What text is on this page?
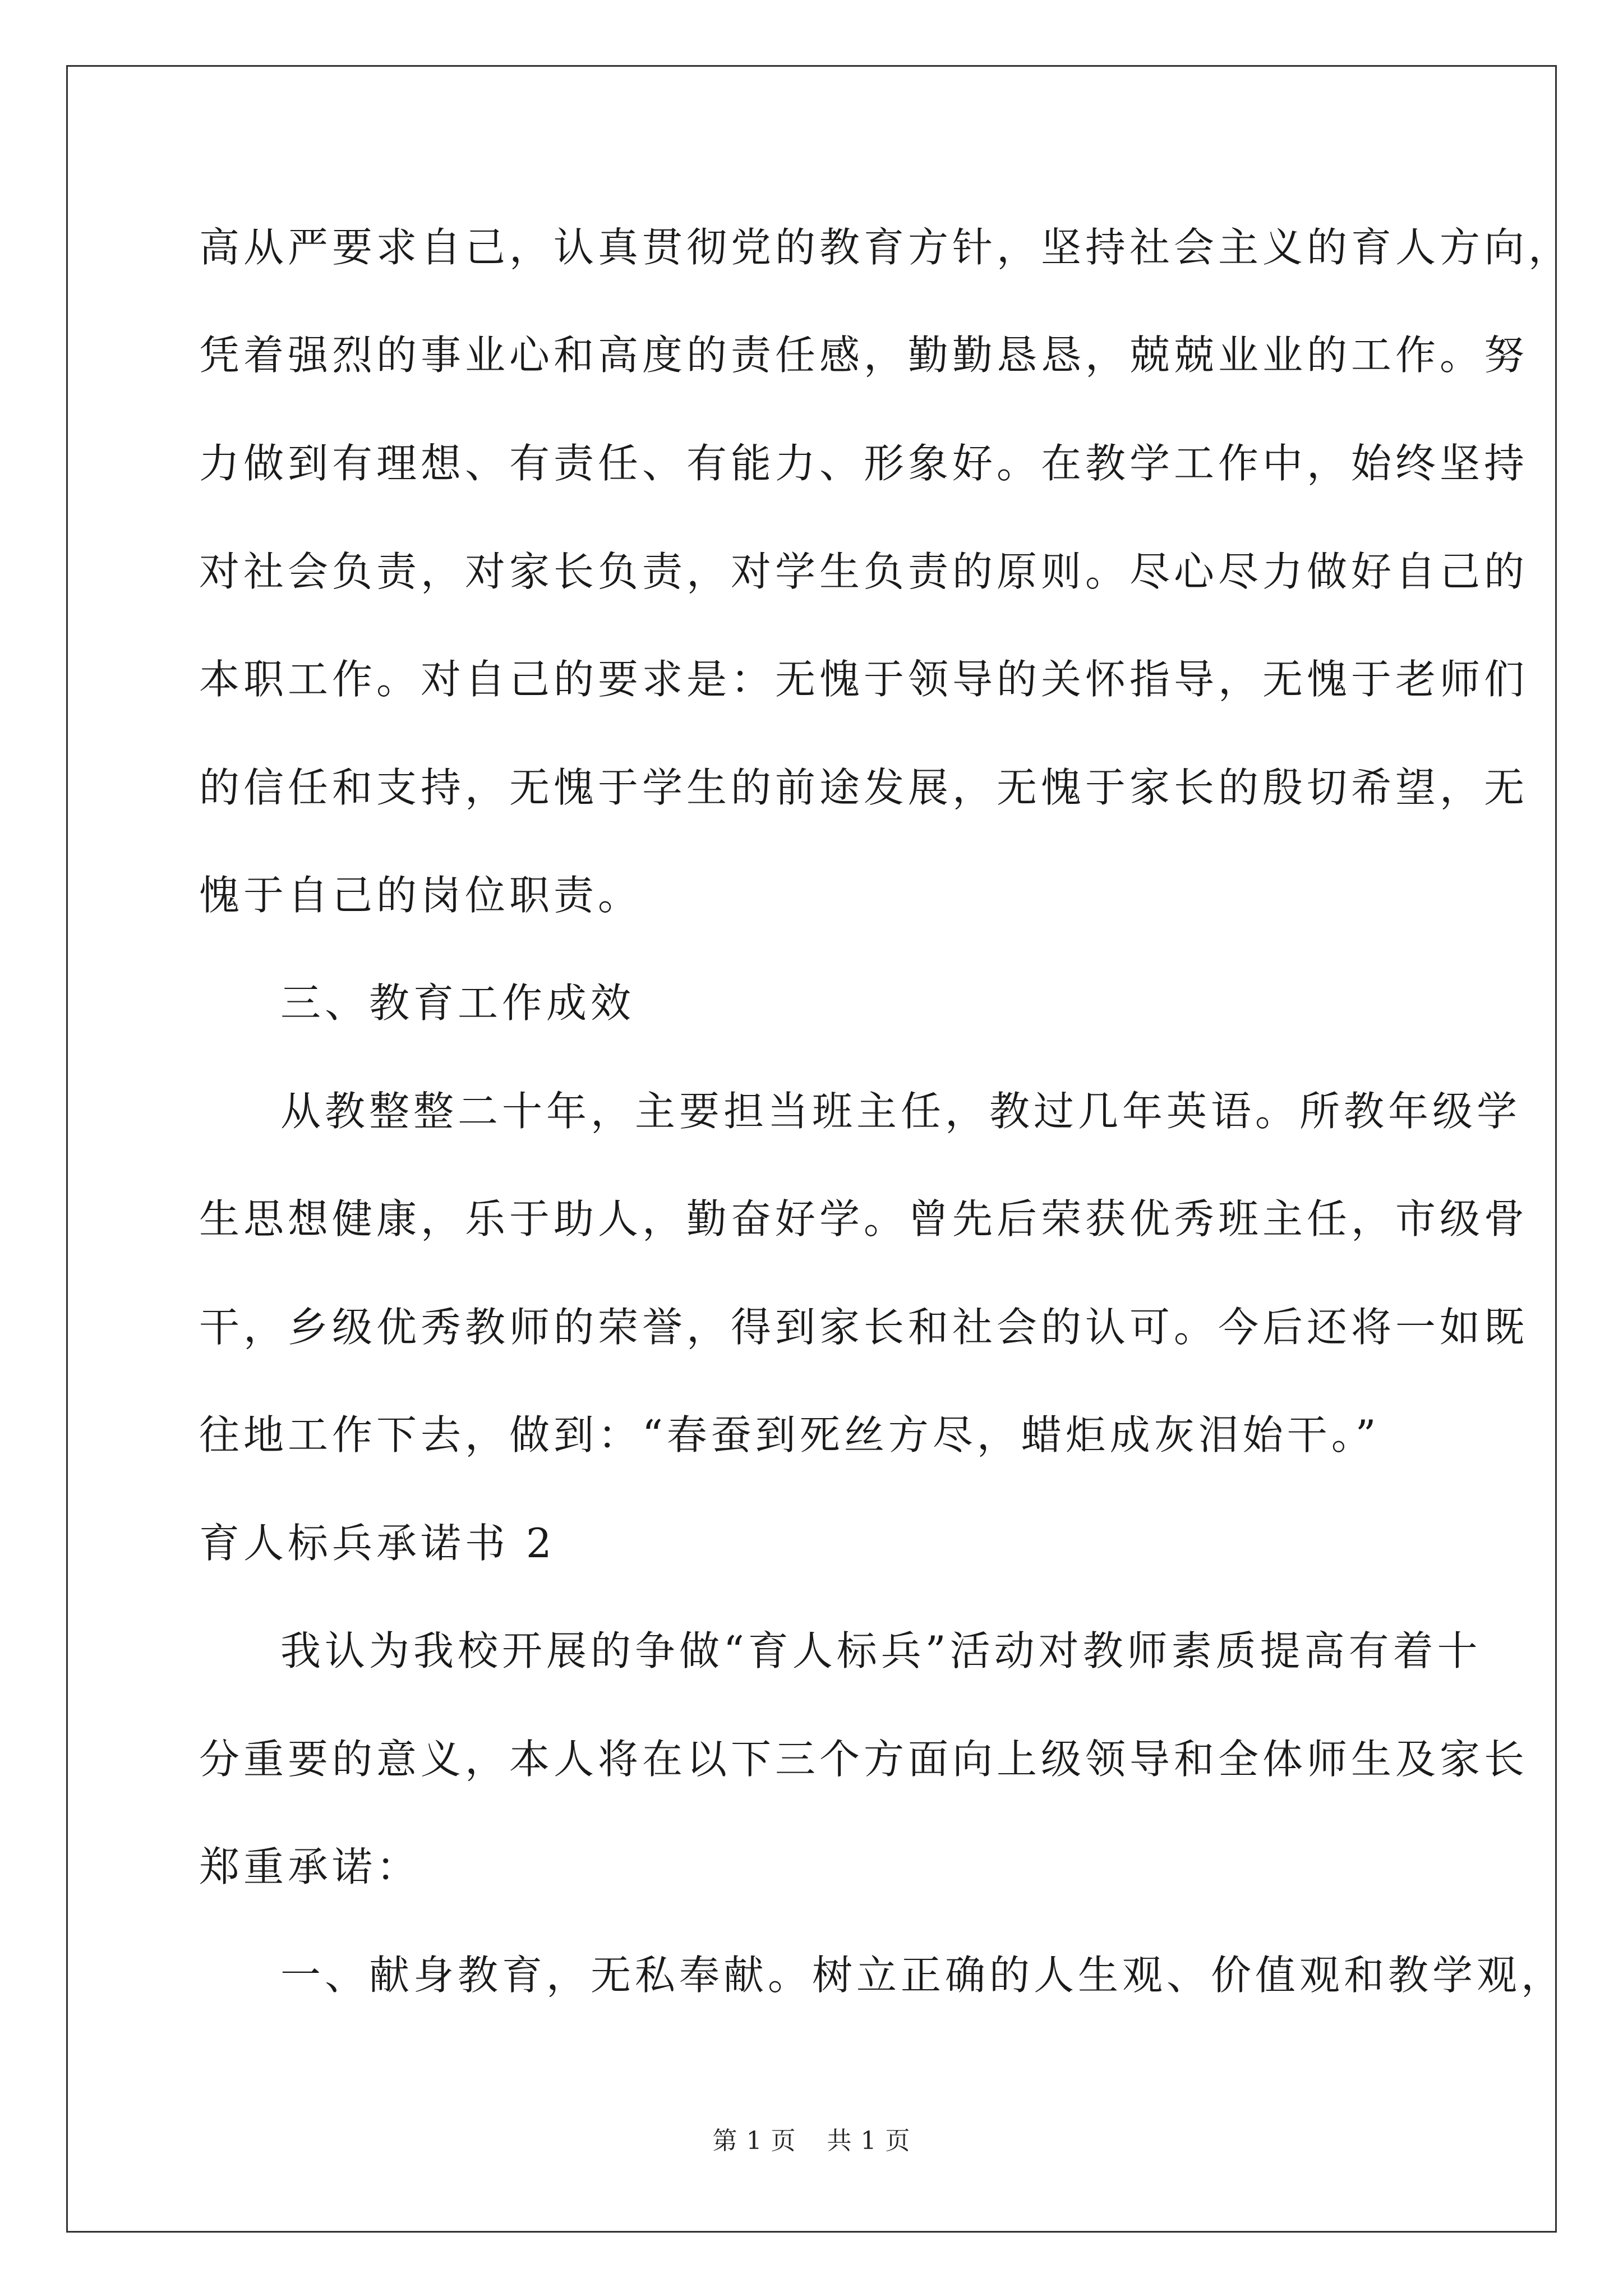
高从严要求自己，认真贯彻党的教育方针，坚持社会主义的育人方向，
凭着强烈的事业心和高度的责任感，勤勤恳恳，兢兢业业的工作。努
力做到有理想、有责任、有能力、形象好。在教学工作中，始终坚持
对社会负责，对家长负责，对学生负责的原则。尽心尽力做好自己的
本职工作。对自己的要求是：无愧于领导的关怀指导，无愧于老师们
的信任和支持，无愧于学生的前途发展，无愧于家长的殷切希望，无
愧于自己的岗位职责。
三、教育工作成效
从教整整二十年，主要担当班主任，教过几年英语。所教年级学
生思想健康，乐于助人，勤奋好学。曾先后荣获优秀班主任，市级骨
干，乡级优秀教师的荣誉，得到家长和社会的认可。今后还将一如既
往地工作下去，做到：“春蚕到死丝方尽，蜡炬成灰泪始干。”
育人标兵承诺书 2
我认为我校开展的争做“育人标兵”活动对教师素质提高有着十
分重要的意义，本人将在以下三个方面向上级领导和全体师生及家长
郑重承诺：
一、献身教育，无私奉献。树立正确的人生观、价值观和教学观，
第 1 页 共 1 页
